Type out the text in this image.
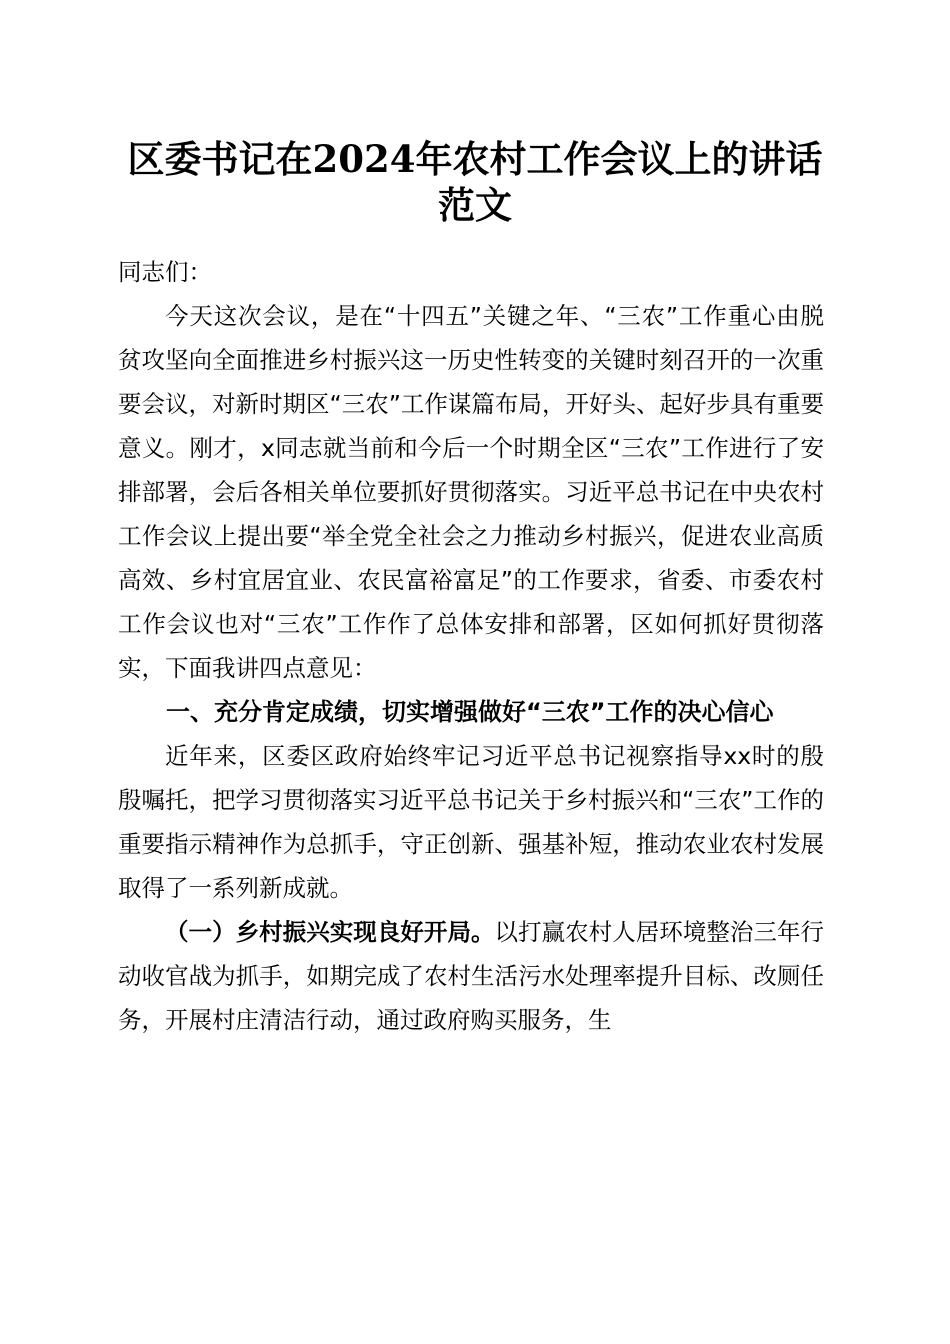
区委书记在2024年农村工作会议上的讲话范文

同志们：

今天这次会议，是在“十四五”关键之年、“三农”工作重心由脱贫攻坚向全面推进乡村振兴这一历史性转变的关键时刻召开的一次重要会议，对新时期区“三农”工作谋篇布局，开好头、起好步具有重要意义。刚才，x同志就当前和今后一个时期全区“三农”工作进行了安排部署，会后各相关单位要抓好贯彻落实。习近平总书记在中央农村工作会议上提出要“举全党全社会之力推动乡村振兴，促进农业高质高效、乡村宜居宜业、农民富裕富足”的工作要求，省委、市委农村工作会议也对“三农”工作作了总体安排和部署，区如何抓好贯彻落实，下面我讲四点意见：

一、充分肯定成绩，切实增强做好“三农”工作的决心信心

近年来，区委区政府始终牢记习近平总书记视察指导xx时的殷殷嘱托，把学习贯彻落实习近平总书记关于乡村振兴和“三农”工作的重要指示精神作为总抓手，守正创新、强基补短，推动农业农村发展取得了一系列新成就。

（一）乡村振兴实现良好开局。以打赢农村人居环境整治三年行动收官战为抓手，如期完成了农村生活污水处理率提升目标、改厕任务，开展村庄清洁行动，通过政府购买服务，生
